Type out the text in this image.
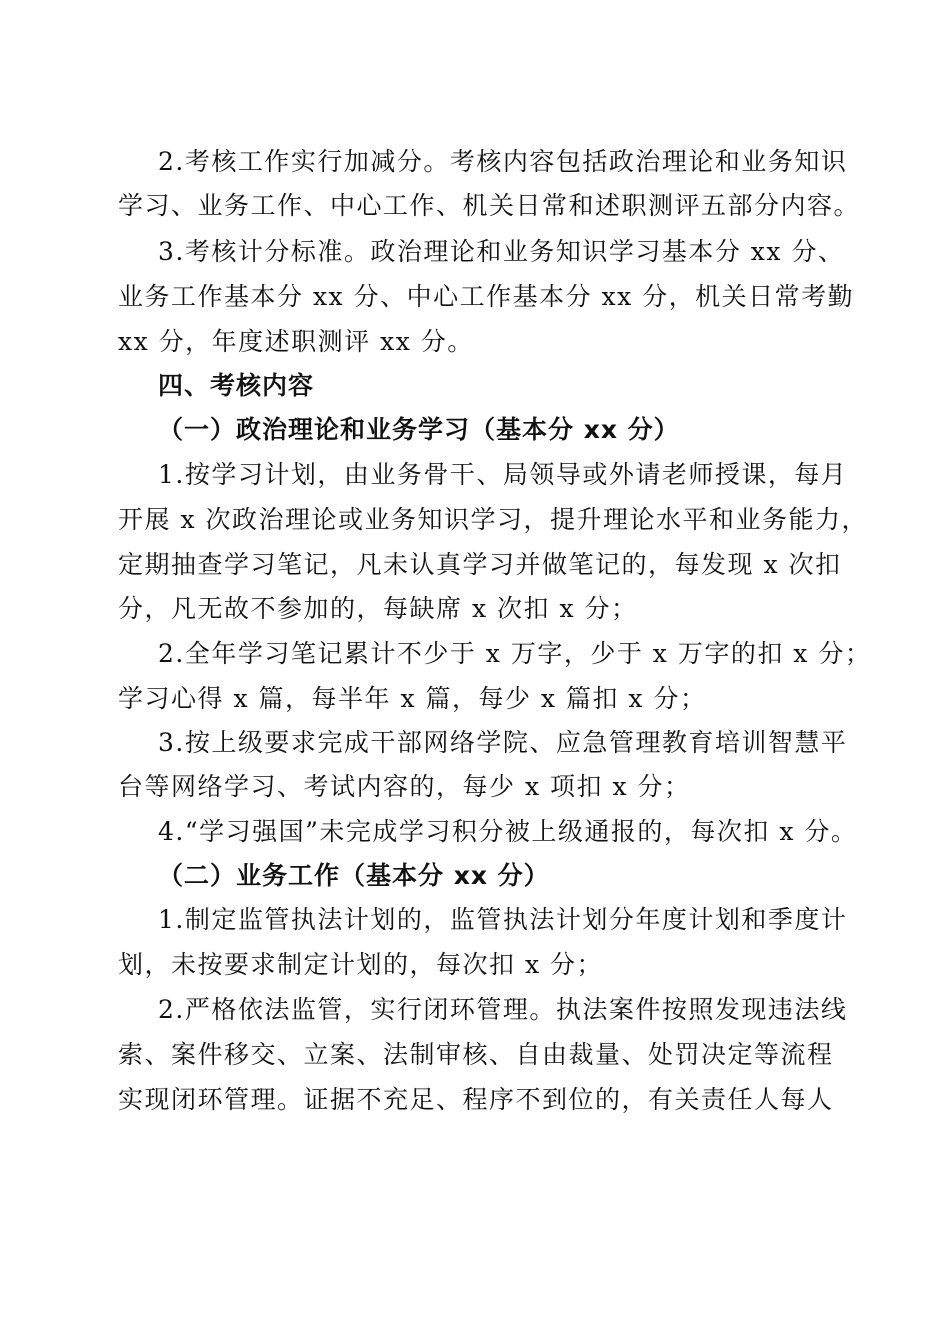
2.考核工作实行加减分。考核内容包括政治理论和业务知识
学习、业务工作、中心工作、机关日常和述职测评五部分内容。
3.考核计分标准。政治理论和业务知识学习基本分 xx 分、
业务工作基本分 xx 分、中心工作基本分 xx 分，机关日常考勤
xx 分，年度述职测评 xx 分。
四、考核内容
（一）政治理论和业务学习（基本分 xx 分）
1.按学习计划，由业务骨干、局领导或外请老师授课，每月
开展 x 次政治理论或业务知识学习，提升理论水平和业务能力，
定期抽查学习笔记，凡未认真学习并做笔记的，每发现 x 次扣
分，凡无故不参加的，每缺席 x 次扣 x 分；
2.全年学习笔记累计不少于 x 万字，少于 x 万字的扣 x 分；
学习心得 x 篇，每半年 x 篇，每少 x 篇扣 x 分；
3.按上级要求完成干部网络学院、应急管理教育培训智慧平
台等网络学习、考试内容的，每少 x 项扣 x 分；
4.“学习强国”未完成学习积分被上级通报的，每次扣 x 分。
（二）业务工作（基本分 xx 分）
1.制定监管执法计划的，监管执法计划分年度计划和季度计
划，未按要求制定计划的，每次扣 x 分；
2.严格依法监管，实行闭环管理。执法案件按照发现违法线
索、案件移交、立案、法制审核、自由裁量、处罚决定等流程
实现闭环管理。证据不充足、程序不到位的，有关责任人每人
